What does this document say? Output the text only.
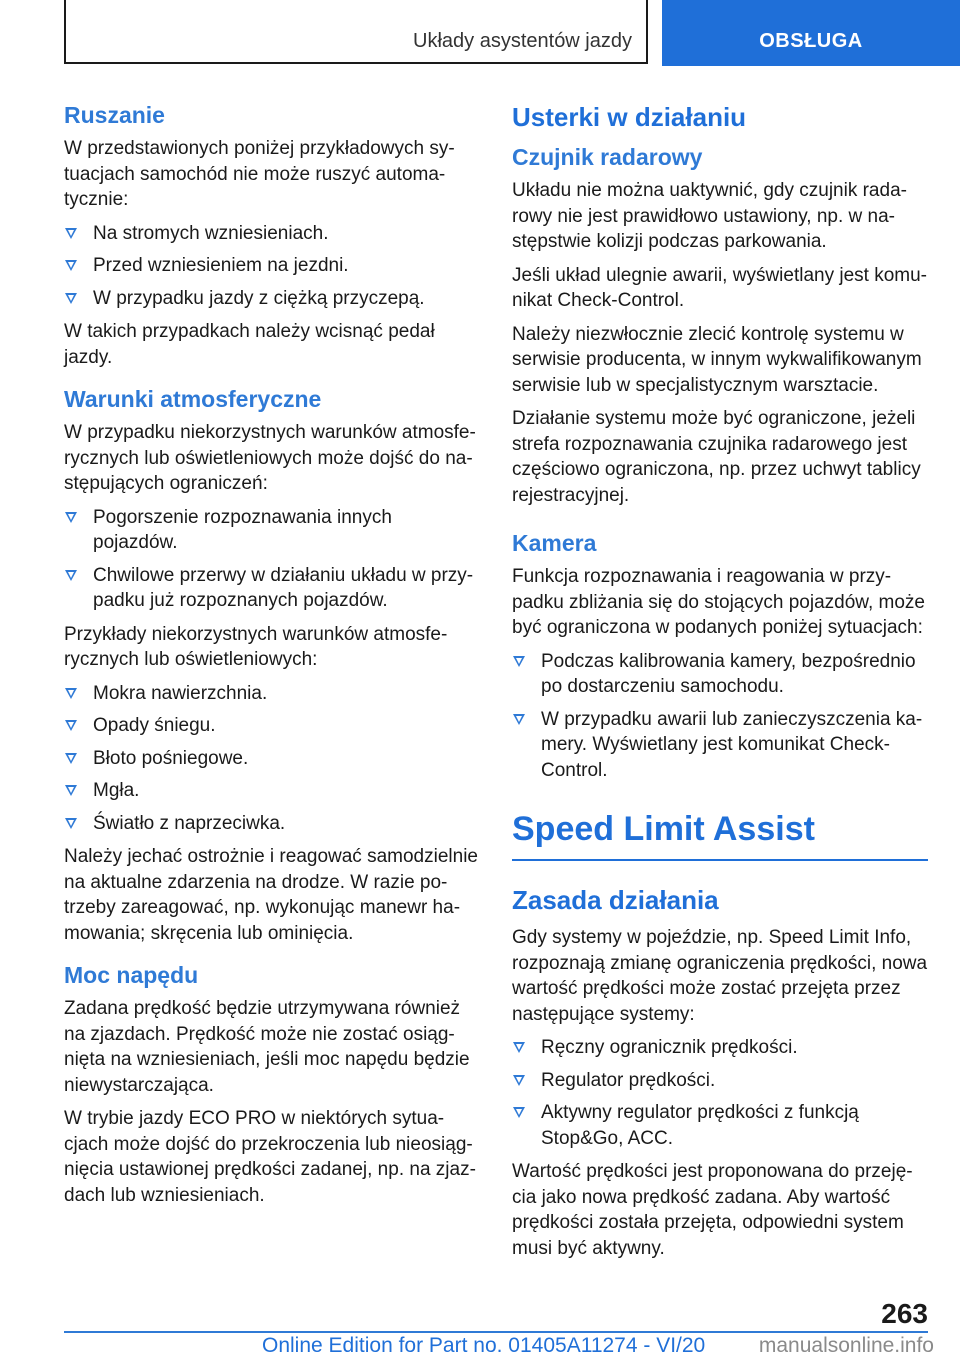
Układy asystentów jazdy	OBSŁUGA
Ruszanie

W przedstawionych poniżej przykładowych sy-tuacjach samochód nie może ruszyć automa-tycznie:

Na stromych wzniesieniach.
Przed wzniesieniem na jezdni.
W przypadku jazdy z ciężką przyczepą.

W takich przypadkach należy wcisnąć pedał jazdy.

Warunki atmosferyczne

W przypadku niekorzystnych warunków atmosfe-rycznych lub oświetleniowych może dojść do na-stępujących ograniczeń:

Pogorszenie rozpoznawania innych pojazdów.
Chwilowe przerwy w działaniu układu w przy-padku już rozpoznanych pojazdów.

Przykłady niekorzystnych warunków atmosfe-rycznych lub oświetleniowych:

Mokra nawierzchnia.
Opady śniegu.
Błoto pośniegowe.
Mgła.
Światło z naprzeciwka.

Należy jechać ostrożnie i reagować samodzielnie na aktualne zdarzenia na drodze. W razie po-trzeby zareagować, np. wykonując manewr ha-mowania; skręcenia lub ominięcia.

Moc napędu

Zadana prędkość będzie utrzymywana również na zjazdach. Prędkość może nie zostać osiąg-nięta na wzniesieniach, jeśli moc napędu będzie niewystarczająca.

W trybie jazdy ECO PRO w niektórych sytua-cjach może dojść do przekroczenia lub nieosiąg-nięcia ustawionej prędkości zadanej, np. na zjaz-dach lub wzniesieniach.

Usterki w działaniu
Czujnik radarowy

Układu nie można uaktywnić, gdy czujnik rada-rowy nie jest prawidłowo ustawiony, np. w na-stępstwie kolizji podczas parkowania.

Jeśli układ ulegnie awarii, wyświetlany jest komu-nikat Check-Control.

Należy niezwłocznie zlecić kontrolę systemu w serwisie producenta, w innym wykwalifikowanym serwisie lub w specjalistycznym warsztacie.

Działanie systemu może być ograniczone, jeżeli strefa rozpoznawania czujnika radarowego jest częściowo ograniczona, np. przez uchwyt tablicy rejestracyjnej.

Kamera

Funkcja rozpoznawania i reagowania w przy-padku zbliżania się do stojących pojazdów, może być ograniczona w podanych poniżej sytuacjach:

Podczas kalibrowania kamery, bezpośrednio po dostarczeniu samochodu.
W przypadku awarii lub zanieczyszczenia ka-mery. Wyświetlany jest komunikat Check-Control.
Speed Limit Assist
Zasada działania

Gdy systemy w pojeździe, np. Speed Limit Info, rozpoznają zmianę ograniczenia prędkości, nowa wartość prędkości może zostać przejęta przez następujące systemy:

Ręczny ogranicznik prędkości.
Regulator prędkości.
Aktywny regulator prędkości z funkcją Stop&Go, ACC.

Wartość prędkości jest proponowana do przeję-cia jako nowa prędkość zadana. Aby wartość prędkości została przejęta, odpowiedni system musi być aktywny.

263
Online Edition for Part no. 01405A11274 - VI/20	manualsonline.info
